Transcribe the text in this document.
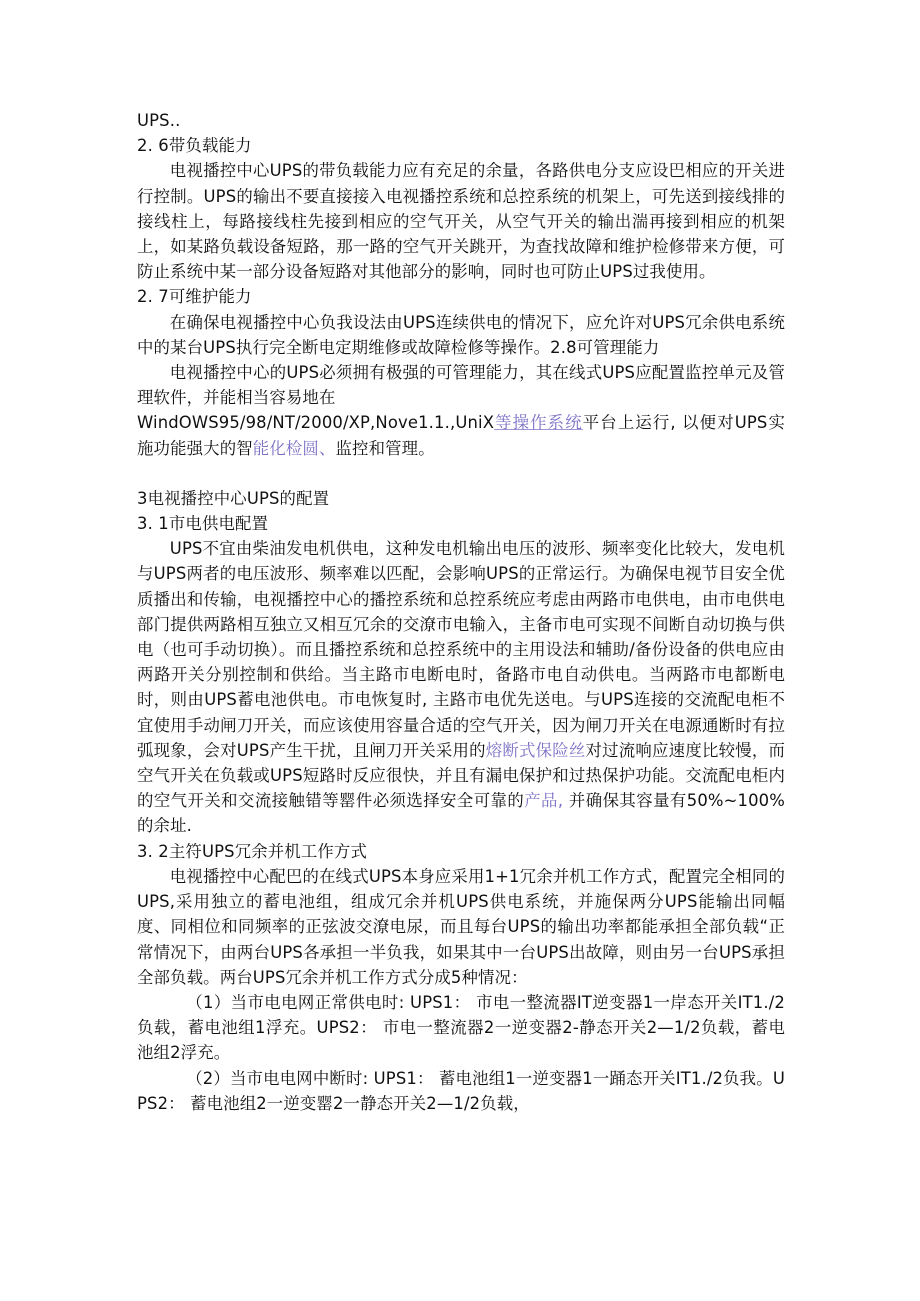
UPS..

2. 6带负载能力

电视播控中心UPS的带负载能力应有充足的余量，各路供电分支应设巴相应的开关进行控制。UPS的输出不要直接接入电视播控系统和总控系统的机架上，可先送到接线排的接线柱上，每路接线柱先接到相应的空气开关，从空气开关的输出湍再接到相应的机架上，如某路负载设备短路，那一路的空气开关跳开，为查找故障和维护检修带来方便，可防止系统中某一部分设备短路对其他部分的影响，同时也可防止UPS过我使用。

2. 7可维护能力

在确保电视播控中心负我设法由UPS连续供电的情况下，应允许对UPS冗余供电系统中的某台UPS执行完全断电定期维修或故障检修等操作。2.8可管理能力

电视播控中心的UPS必须拥有极强的可管理能力，其在线式UPS应配置监控单元及管理软件，并能相当容易地在
WindOWS95/98/NT/2000/XP,Nove1.1.,UniX等操作系统平台上运行, 以便对UPS实施功能强大的智能化检圆、监控和管理。

3电视播控中心UPS的配置

3. 1市电供电配置

UPS不宜由柴油发电机供电，这种发电机输出电压的波形、频率变化比较大，发电机与UPS两者的电压波形、频率难以匹配，会影响UPS的正常运行。为确保电视节目安全优质播出和传输，电视播控中心的播控系统和总控系统应考虑由两路市电供电，由市电供电部门提供两路相互独立又相互冗余的交潦市电输入，主备市电可实现不间断自动切换与供电（也可手动切换）。而且播控系统和总控系统中的主用设法和辅助/备份设备的供电应由两路开关分别控制和供给。当主路市电断电时，备路市电自动供电。当两路市电都断电时，则由UPS蓄电池供电。市电恢复时, 主路市电优先送电。与UPS连接的交流配电柜不宜使用手动闸刀开关，而应该使用容量合适的空气开关，因为闸刀开关在电源通断时有拉弧现象，会对UPS产生干扰，且闸刀开关采用的熔断式保险丝对过流响应速度比较慢，而空气开关在负载或UPS短路时反应很快，并且有漏电保护和过热保护功能。交流配电柜内的空气开关和交流接触错等罂件必须选择安全可靠的产品, 并确保其容量有50%~100%的余址.

3. 2主符UPS冗余并机工作方式

电视播控中心配巴的在线式UPS本身应采用1+1冗余并机工作方式，配置完全相同的UPS,采用独立的蓄电池组，组成冗余并机UPS供电系统，并施保两分UPS能输出同幅度、同相位和同频率的正弦波交潦电尿，而且每台UPS的输出功率都能承担全部负载“正常情况下，由两台UPS各承担一半负我，如果其中一台UPS出故障，则由另一台UPS承担全部负载。两台UPS冗余并机工作方式分成5种情况：

（1）当市电电网正常供电时: UPS1： 市电一整流器IT逆变器1一岸态开关IT1./2负载，蓄电池组1浮充。UPS2： 市电一整流器2一逆变器2-静态开关2—1/2负载，蓄电池组2浮充。

（2）当市电电网中断时: UPS1： 蓄电池组1一逆变器1一踊态开关IT1./2负我。UPS2： 蓄电池组2一逆变罂2一静态开关2—1/2负载，
